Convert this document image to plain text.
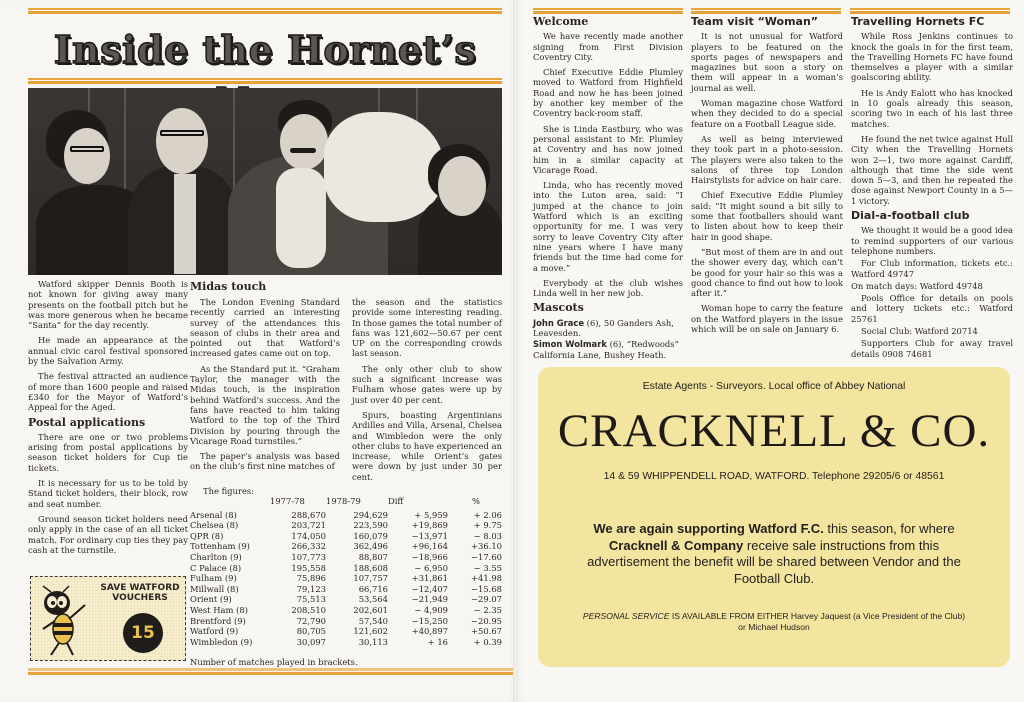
Inside the Hornet’s

Watford skipper Dennis Booth is not known for giving away many presents on the football pitch but he was more generous when he became “Santa” for the day recently.

He made an appearance at the annual civic carol festival sponsored by the Salvation Army.

The festival attracted an audience of more than 1600 people and raised £340 for the Mayor of Watford’s Appeal for the Aged.

Postal applications

There are one or two problems arising from postal applications by season ticket holders for Cup tie tickets.

It is necessary for us to be told by Stand ticket holders, their block, row and seat number.

Ground season ticket holders need only apply in the case of an all ticket match. For ordinary cup ties they pay cash at the turnstile.

SAVE WATFORD VOUCHERS
15
Midas touch

The London Evening Standard recently carried an interesting survey of the attendances this season of clubs in their area and pointed out that Watford’s increased gates came out on top.

As the Standard put it. “Graham Taylor, the manager with the Midas touch, is the inspiration behind Watford’s success. And the fans have reacted to him taking Watford to the top of the Third Division by pouring through the Vicarage Road turnstiles.”

The paper’s analysis was based on the club’s first nine matches of

the season and the statistics provide some interesting reading. In those games the total number of fans was 121,602—50.67 per cent UP on the corresponding crowds last season.

The only other club to show such a significant increase was Fulham whose gates were up by just over 40 per cent.

Spurs, boasting Argentinians Ardilles and Villa, Arsenal, Chelsea and Wimbledon were the only other clubs to have experienced an increase, while Orient’s gates were down by just under 30 per cent.

The figures:
	1977-78	1978-79	Diff	%
Arsenal (8)	288,670	294,629	+ 5,959	+ 2.06
Chelsea (8)	203,721	223,590	+19,869	+ 9.75
QPR (8)	174,050	160,079	−13,971	− 8.03
Tottenham (9)	266,332	362,496	+96,164	+36.10
Charlton (9)	107,773	88,807	−18,966	−17.60
C Palace (8)	195,558	188,608	− 6,950	− 3.55
Fulham (9)	75,896	107,757	+31,861	+41.98
Millwall (8)	79,123	66,716	−12,407	−15.68
Orient (9)	75,513	53,564	−21,949	−29.07
West Ham (8)	208,510	202,601	− 4,909	− 2.35
Brentford (9)	72,790	57,540	−15,250	−20.95
Watford (9)	80,705	121,602	+40,897	+50.67
Wimbledon (9)	30,097	30,113	+ 16	+ 0.39
Number of matches played in brackets.
Welcome

We have recently made another signing from First Division Coventry City.

Chief Executive Eddie Plumley moved to Watford from Highfield Road and now he has been joined by another key member of the Coventry back-room staff.

She is Linda Eastbury, who was personal assistant to Mr. Plumley at Coventry and has now joined him in a similar capacity at Vicarage Road.

Linda, who has recently moved into the Luton area, said: “I jumped at the chance to join Watford which is an exciting opportunity for me. I was very sorry to leave Coventry City after nine years where I have many friends but the time had come for a move.”

Everybody at the club wishes Linda well in her new job.

Mascots

John Grace (6), 50 Ganders Ash, Leavesden.

Simon Wolmark (6), “Redwoods” California Lane, Bushey Heath.

Team visit “Woman”

It is not unusual for Watford players to be featured on the sports pages of newspapers and magazines but soon a story on them will appear in a woman’s journal as well.

Woman magazine chose Watford when they decided to do a special feature on a Football League side.

As well as being interviewed they took part in a photo-session. The players were also taken to the salons of three top London Hairstylists for advice on hair care.

Chief Executive Eddie Plumley said: “It might sound a bit silly to some that footballers should want to listen about how to keep their hair in good shape.

“But most of them are in and out the shower every day, which can’t be good for your hair so this was a good chance to find out how to look after it.”

Woman hope to carry the feature on the Watford players in the issue which will be on sale on January 6.

Travelling Hornets FC

While Ross Jenkins continues to knock the goals in for the first team, the Travelling Hornets FC have found themselves a player with a similar goalscoring ability.

He is Andy Ealott who has knocked in 10 goals already this season, scoring two in each of his last three matches.

He found the net twice against Hull City when the Travelling Hornets won 2—1, two more against Cardiff, although that time the side went down 5—3, and then he repeated the dose against Newport County in a 5—1 victory.

Dial-a-football club

We thought it would be a good idea to remind supporters of our various telephone numbers.

For Club information, tickets etc.: Watford 49747

On match days: Watford 49748

Pools Office for details on pools and lottery tickets etc.: Watford 25761

Social Club: Watford 20714

Supporters Club for away travel details 0908 74681

Estate Agents - Surveyors. Local office of Abbey National
CRACKNELL & CO.
14 & 59 WHIPPENDELL ROAD, WATFORD. Telephone 29205/6 or 48561
We are again supporting Watford F.C. this season, for where Cracknell & Company receive sale instructions from this advertisement the benefit will be shared between Vendor and the Football Club.
PERSONAL SERVICE IS AVAILABLE FROM EITHER Harvey Jaquest (a Vice President of the Club) or Michael Hudson
